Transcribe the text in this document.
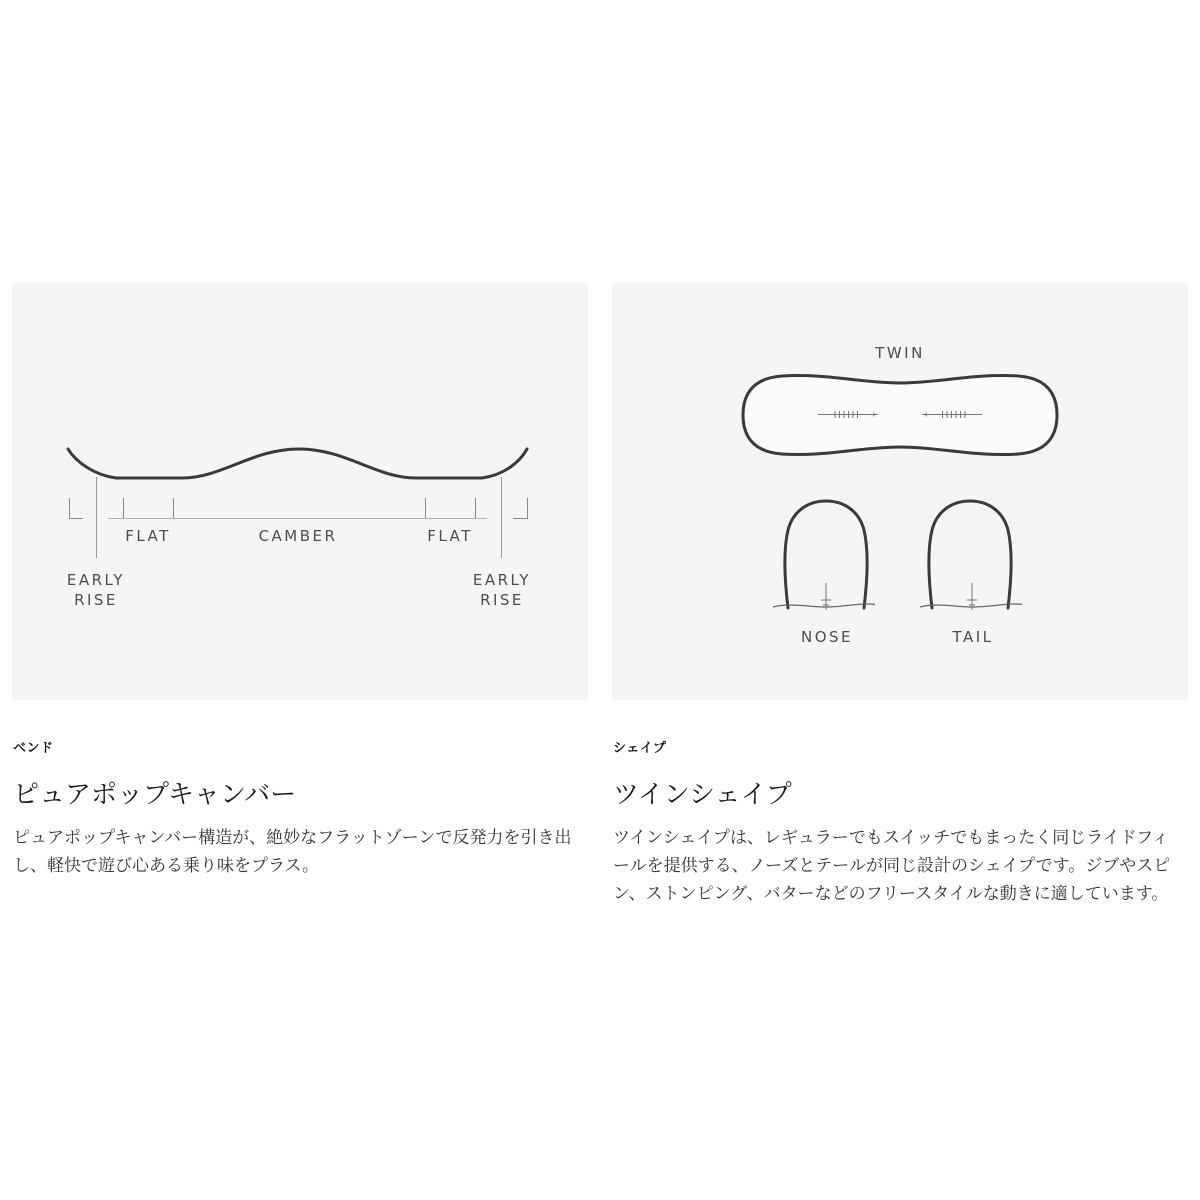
FLAT	CAMBER	FLAT
EARLY
RISE
EARLY
RISE
TWIN
NOSE	TAIL
ベンド
ピュアポップキャンバー
ピュアポップキャンバー構造が、絶妙なフラットゾーンで反発力を引き出
し、軽快で遊び心ある乗り味をプラス。
シェイプ
ツインシェイプ
ツインシェイプは、レギュラーでもスイッチでもまったく同じライドフィ
ールを提供する、ノーズとテールが同じ設計のシェイプです。ジブやスピ
ン、ストンピング、バターなどのフリースタイルな動きに適しています。
